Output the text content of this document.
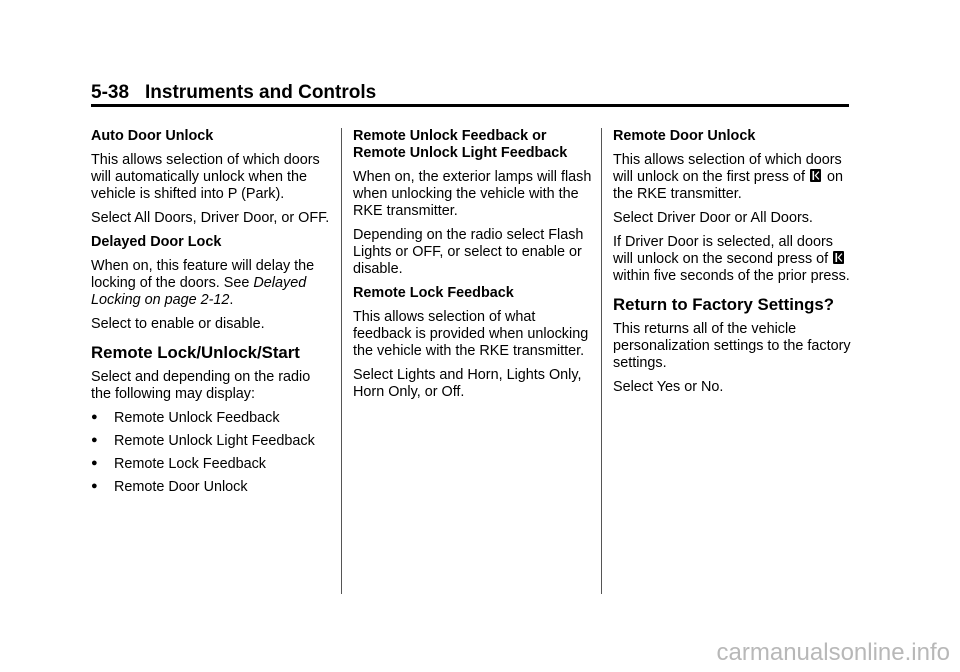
5-38 Instruments and Controls
Auto Door Unlock
This allows selection of which doors will automatically unlock when the vehicle is shifted into P (Park).
Select All Doors, Driver Door, or OFF.
Delayed Door Lock
When on, this feature will delay the locking of the doors. See Delayed Locking on page 2-12.
Select to enable or disable.
Remote Lock/Unlock/Start
Select and depending on the radio the following may display:
● Remote Unlock Feedback
● Remote Unlock Light Feedback
● Remote Lock Feedback
● Remote Door Unlock
Remote Unlock Feedback or Remote Unlock Light Feedback
When on, the exterior lamps will flash when unlocking the vehicle with the RKE transmitter.
Depending on the radio select Flash Lights or OFF, or select to enable or disable.
Remote Lock Feedback
This allows selection of what feedback is provided when unlocking the vehicle with the RKE transmitter.
Select Lights and Horn, Lights Only, Horn Only, or Off.
Remote Door Unlock
This allows selection of which doors will unlock on the first press of
on the RKE transmitter.
Select Driver Door or All Doors.
If Driver Door is selected, all doors will unlock on the second press of
within five seconds of the prior press.
Return to Factory Settings?
This returns all of the vehicle personalization settings to the factory settings.
Select Yes or No.
carmanualsonline.info
